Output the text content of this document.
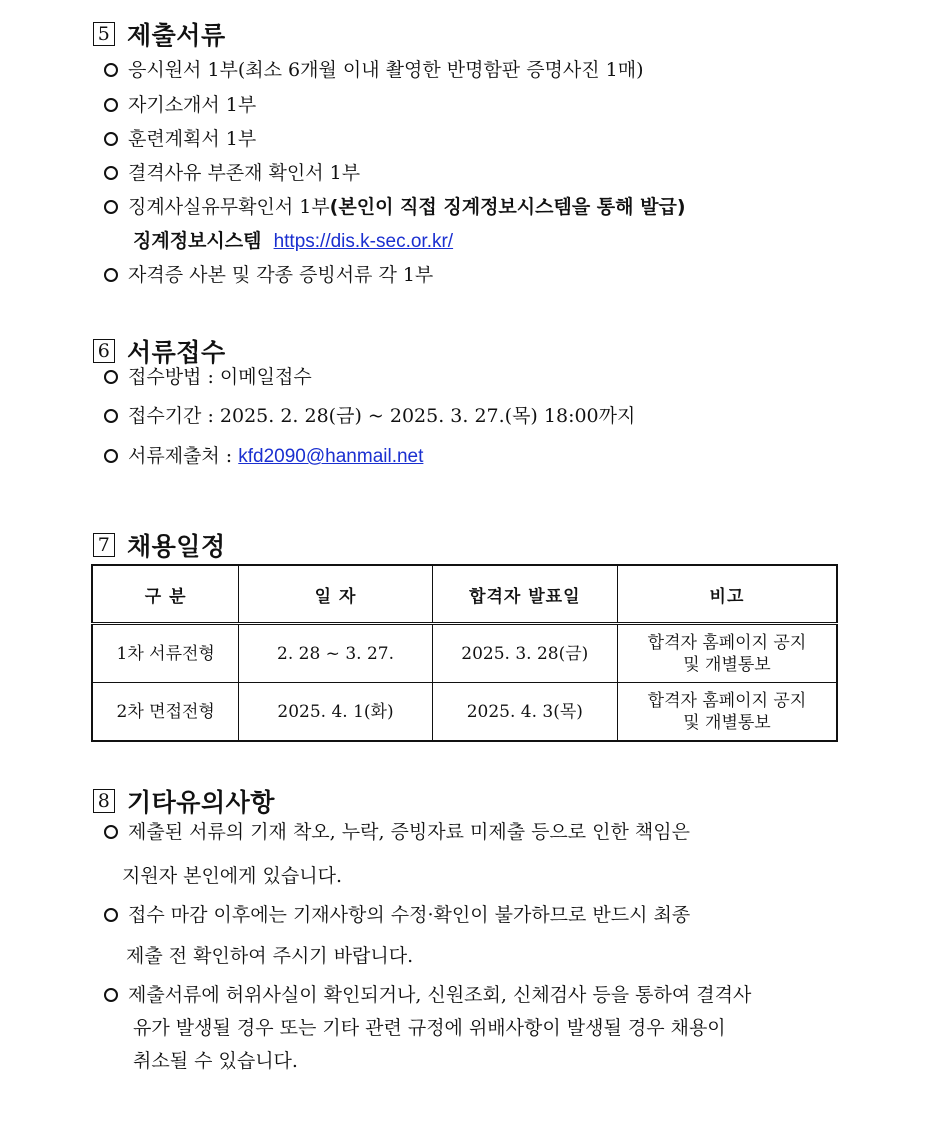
5 제출서류
응시원서 1부(최소 6개월 이내 촬영한 반명함판 증명사진 1매)
자기소개서 1부
훈련계획서 1부
결격사유 부존재 확인서 1부
징계사실유무확인서 1부(본인이 직접 징계정보시스템을 통해 발급)
징계정보시스템 https://dis.k-sec.or.kr/
자격증 사본 및 각종 증빙서류 각 1부
6 서류접수
접수방법 : 이메일접수
접수기간 : 2025. 2. 28(금) ~ 2025. 3. 27.(목) 18:00까지
서류제출처 : kfd2090@hanmail.net
7 채용일정
구 분	일 자	합격자 발표일	비고
1차 서류전형	2. 28 ~ 3. 27.	2025. 3. 28(금)	합격자 홈페이지 공지
및 개별통보

2차 면접전형	2025. 4. 1(화)	2025. 4. 3(목)	합격자 홈페이지 공지
및 개별통보
8 기타유의사항
제출된 서류의 기재 착오, 누락, 증빙자료 미제출 등으로 인한 책임은
지원자 본인에게 있습니다.
접수 마감 이후에는 기재사항의 수정·확인이 불가하므로 반드시 최종
제출 전 확인하여 주시기 바랍니다.
제출서류에 허위사실이 확인되거나, 신원조회, 신체검사 등을 통하여 결격사
유가 발생될 경우 또는 기타 관련 규정에 위배사항이 발생될 경우 채용이
취소될 수 있습니다.
